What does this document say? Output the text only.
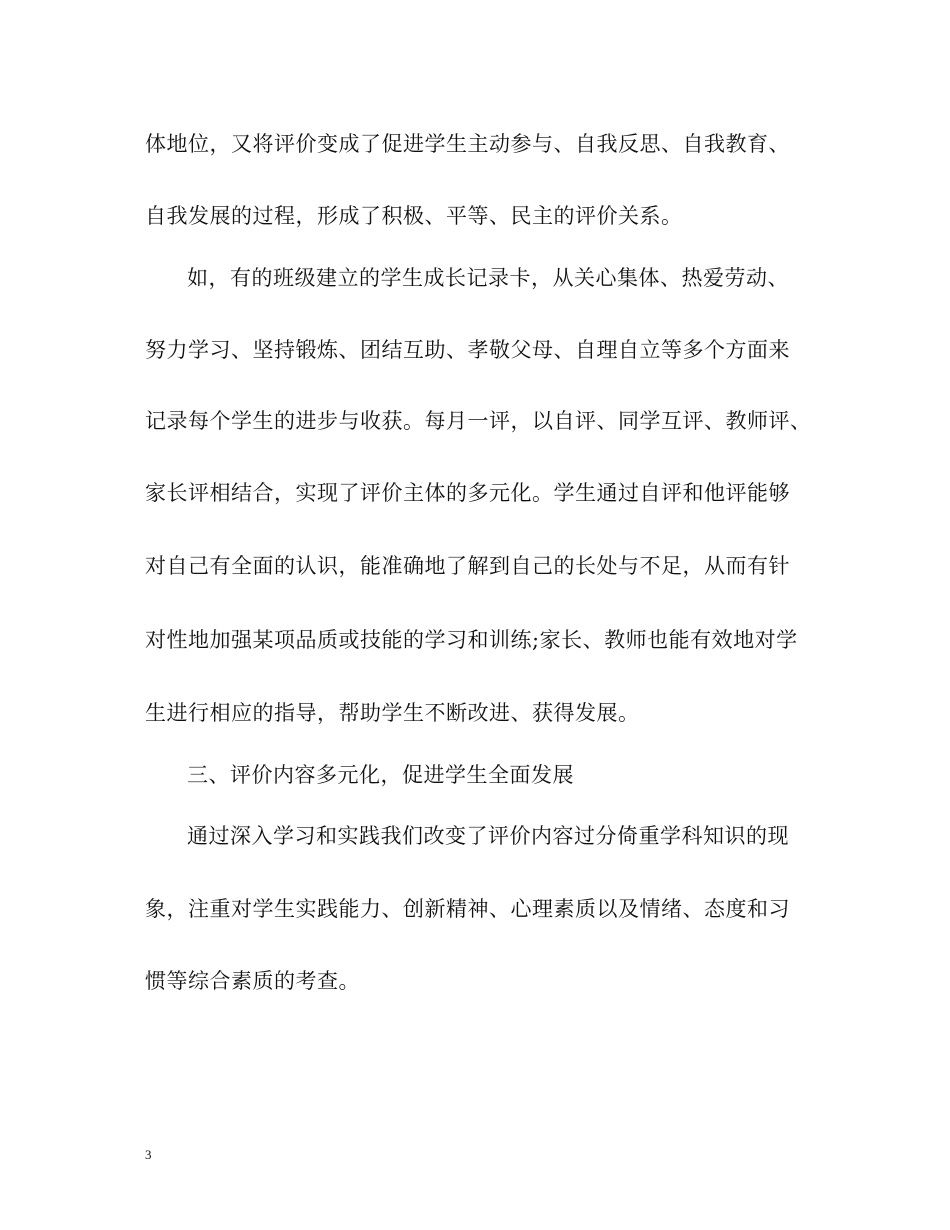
体地位，又将评价变成了促进学生主动参与、自我反思、自我教育、
自我发展的过程，形成了积极、平等、民主的评价关系。
如，有的班级建立的学生成长记录卡，从关心集体、热爱劳动、
努力学习、坚持锻炼、团结互助、孝敬父母、自理自立等多个方面来
记录每个学生的进步与收获。每月一评，以自评、同学互评、教师评、
家长评相结合，实现了评价主体的多元化。学生通过自评和他评能够
对自己有全面的认识，能准确地了解到自己的长处与不足，从而有针
对性地加强某项品质或技能的学习和训练;家长、教师也能有效地对学
生进行相应的指导，帮助学生不断改进、获得发展。
三、评价内容多元化，促进学生全面发展
通过深入学习和实践我们改变了评价内容过分倚重学科知识的现
象，注重对学生实践能力、创新精神、心理素质以及情绪、态度和习
惯等综合素质的考查。
3
